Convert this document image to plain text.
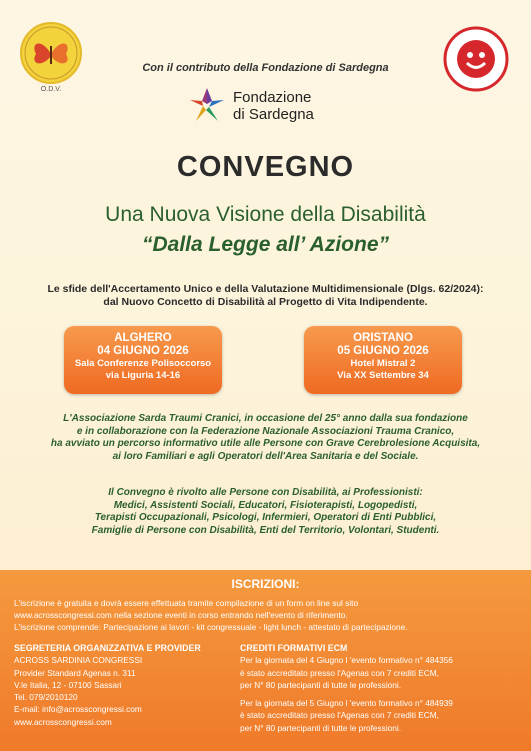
O.D.V.
Con il contributo della Fondazione di Sardegna
Fondazione
di Sardegna
CONVEGNO
Una Nuova Visione della Disabilità
“Dalla Legge all’ Azione”
Le sfide dell'Accertamento Unico e della Valutazione Multidimensionale (Dlgs. 62/2024):
dal Nuovo Concetto di Disabilità al Progetto di Vita Indipendente.
ALGHERO
04 GIUGNO 2026
Sala Conferenze Polisoccorso
via Liguria 14-16
ORISTANO
05 GIUGNO 2026
Hotel Mistral 2
Via XX Settembre 34
L'Associazione Sarda Traumi Cranici, in occasione del 25° anno dalla sua fondazione
e in collaborazione con la Federazione Nazionale Associazioni Trauma Cranico,
ha avviato un percorso informativo utile alle Persone con Grave Cerebrolesione Acquisita,
ai loro Familiari e agli Operatori dell'Area Sanitaria e del Sociale.
Il Convegno è rivolto alle Persone con Disabilità, ai Professionisti:
Medici, Assistenti Sociali, Educatori, Fisioterapisti, Logopedisti,
Terapisti Occupazionali, Psicologi, Infermieri, Operatori di Enti Pubblici,
Famiglie di Persone con Disabilità, Enti del Territorio, Volontari, Studenti.
ISCRIZIONI:
L'iscrizione è gratuita e dovrà essere effettuata tramite compilazione di un form on line sul sito
www.acrosscongressi.com nella sezione eventi in corso entrando nell'evento di riferimento.
L'iscrizione comprende: Partecipazione ai lavori - kit congressuale - light lunch - attestato di partecipazione.
SEGRETERIA ORGANIZZATIVA E PROVIDER
ACROSS SARDINIA CONGRESSI
Provider Standard Agenas n. 311
V.le Italia, 12 - 07100 Sassari
Tel. 079/2010120
E-mail: info@acrosscongressi.com
www.acrosscongressi.com
CREDITI FORMATIVI ECM
Per la giornata del 4 Giugno l 'evento formativo n° 484356
è stato accreditato presso l'Agenas con 7 crediti ECM,
per N° 80 partecipanti di tutte le professioni.
Per la giornata del 5 Giugno l 'evento formativo n° 484939
è stato accreditato presso l'Agenas con 7 crediti ECM,
per N° 80 partecipanti di tutte le professioni.
